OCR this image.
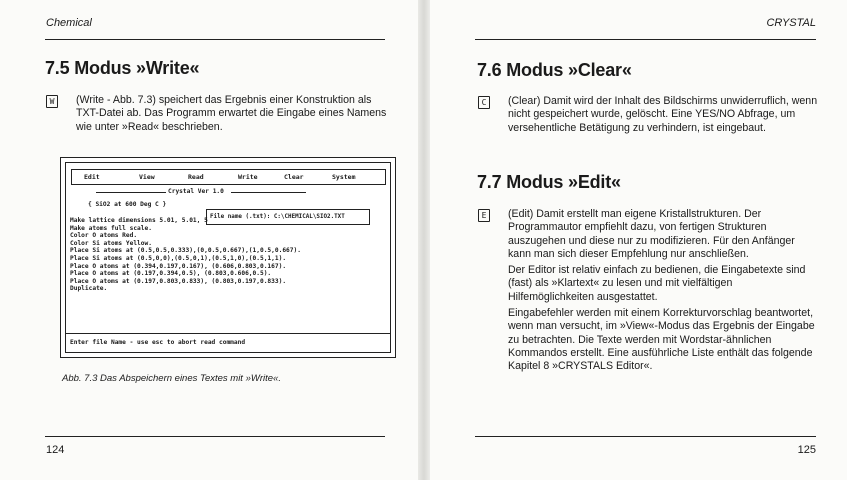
Chemical
7.5 Modus »Write«
W	(Write - Abb. 7.3) speichert das Ergebnis einer Konstruktion als TXT-Datei ab. Das Programm erwartet die Eingabe eines Namens wie unter »Read« beschrieben.
Edit	View	Read	Write	Clear	System
Crystal Ver 1.0
{ SiO2 at 600 Deg C }
File name (.txt): C:\CHEMICAL\SIO2.TXT
Make lattice dimensions 5.01, 5.01, 5
Make atoms full scale.
Color O atoms Red.
Color Si atoms Yellow.
Place Si atoms at (0.5,0.5,0.333),(0,0.5,0.667),(1,0.5,0.667).
Place Si atoms at (0.5,0,0),(0.5,0,1),(0.5,1,0),(0.5,1,1).
Place O atoms at (0.394,0.197,0.167), (0.606,0.803,0.167).
Place O atoms at (0.197,0.394,0.5), (0.803,0.606,0.5).
Place O atoms at (0.197,0.803,0.833), (0.803,0.197,0.833).
Duplicate.
Enter file Name - use esc to abort read command
Abb. 7.3 Das Abspeichern eines Textes mit »Write«.
124
CRYSTAL
7.6 Modus »Clear«
C	(Clear) Damit wird der Inhalt des Bildschirms unwiderruflich, wenn nicht gespeichert wurde, gelöscht. Eine YES/NO Abfrage, um versehentliche Betätigung zu verhindern, ist eingebaut.
7.7 Modus »Edit«
E	(Edit) Damit erstellt man eigene Kristallstrukturen. Der Programmautor empfiehlt dazu, von fertigen Strukturen auszugehen und diese nur zu modifizieren. Für den Anfänger kann man sich dieser Empfehlung nur anschließen.
Der Editor ist relativ einfach zu bedienen, die Eingabetexte sind (fast) als »Klartext« zu lesen und mit vielfältigen Hilfemöglichkeiten ausgestattet.
Eingabefehler werden mit einem Korrekturvorschlag beantwortet, wenn man versucht, im »View«-Modus das Ergebnis der Eingabe zu betrachten. Die Texte werden mit Wordstar-ähnlichen Kommandos erstellt. Eine ausführliche Liste enthält das folgende Kapitel 8 »CRYSTALS Editor«.
125
